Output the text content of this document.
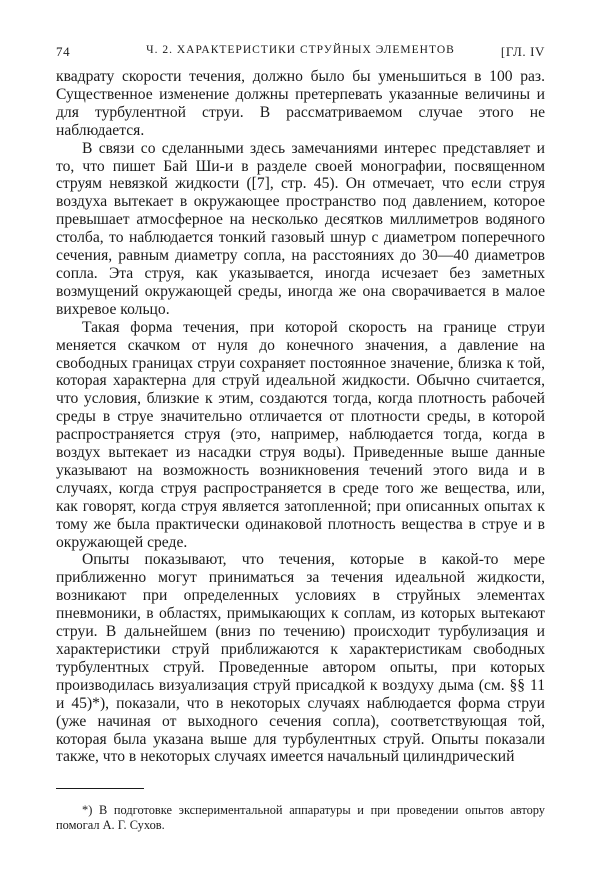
74	Ч. 2. ХАРАКТЕРИСТИКИ СТРУЙНЫХ ЭЛЕМЕНТОВ	[ГЛ. IV

квадрату скорости течения, должно было бы уменьшиться в 100 раз. Существенное изменение должны претерпевать указанные величины и для турбулентной струи. В рассматриваемом случае этого не наблюдается.

В связи со сделанными здесь замечаниями интерес представляет и то, что пишет Бай Ши-и в разделе своей монографии, посвященном струям невязкой жидкости ([7], стр. 45). Он отмечает, что если струя воздуха вытекает в окружающее пространство под давлением, которое превышает атмосферное на несколько десятков миллиметров водяного столба, то наблюдается тонкий газовый шнур с диаметром поперечного сечения, равным диаметру сопла, на расстояниях до 30—40 диаметров сопла. Эта струя, как указывается, иногда исчезает без заметных возмущений окружающей среды, иногда же она сворачивается в малое вихревое кольцо.

Такая форма течения, при которой скорость на границе струи меняется скачком от нуля до конечного значения, а давление на свободных границах струи сохраняет постоянное значение, близка к той, которая характерна для струй идеальной жидкости. Обычно считается, что условия, близкие к этим, создаются тогда, когда плотность рабочей среды в струе значительно отличается от плотности среды, в которой распространяется струя (это, например, наблюдается тогда, когда в воздух вытекает из насадки струя воды). Приведенные выше данные указывают на возможность возникновения течений этого вида и в случаях, когда струя распространяется в среде того же вещества, или, как говорят, когда струя является затопленной; при описанных опытах к тому же была практически одинаковой плотность вещества в струе и в окружающей среде.

Опыты показывают, что течения, которые в какой-то мере приближенно могут приниматься за течения идеальной жидкости, возникают при определенных условиях в струйных элементах пневмоники, в областях, примыкающих к соплам, из которых вытекают струи. В дальнейшем (вниз по течению) происходит турбулизация и характеристики струй приближаются к характеристикам свободных турбулентных струй. Проведенные автором опыты, при которых производилась визуализация струй присадкой к воздуху дыма (см. §§ 11 и 45)*), показали, что в некоторых случаях наблюдается форма струи (уже начиная от выходного сечения сопла), соответствующая той, которая была указана выше для турбулентных струй. Опыты показали также, что в некоторых случаях имеется начальный цилиндрический

*) В подготовке экспериментальной аппаратуры и при проведении опытов автору помогал А. Г. Сухов.
